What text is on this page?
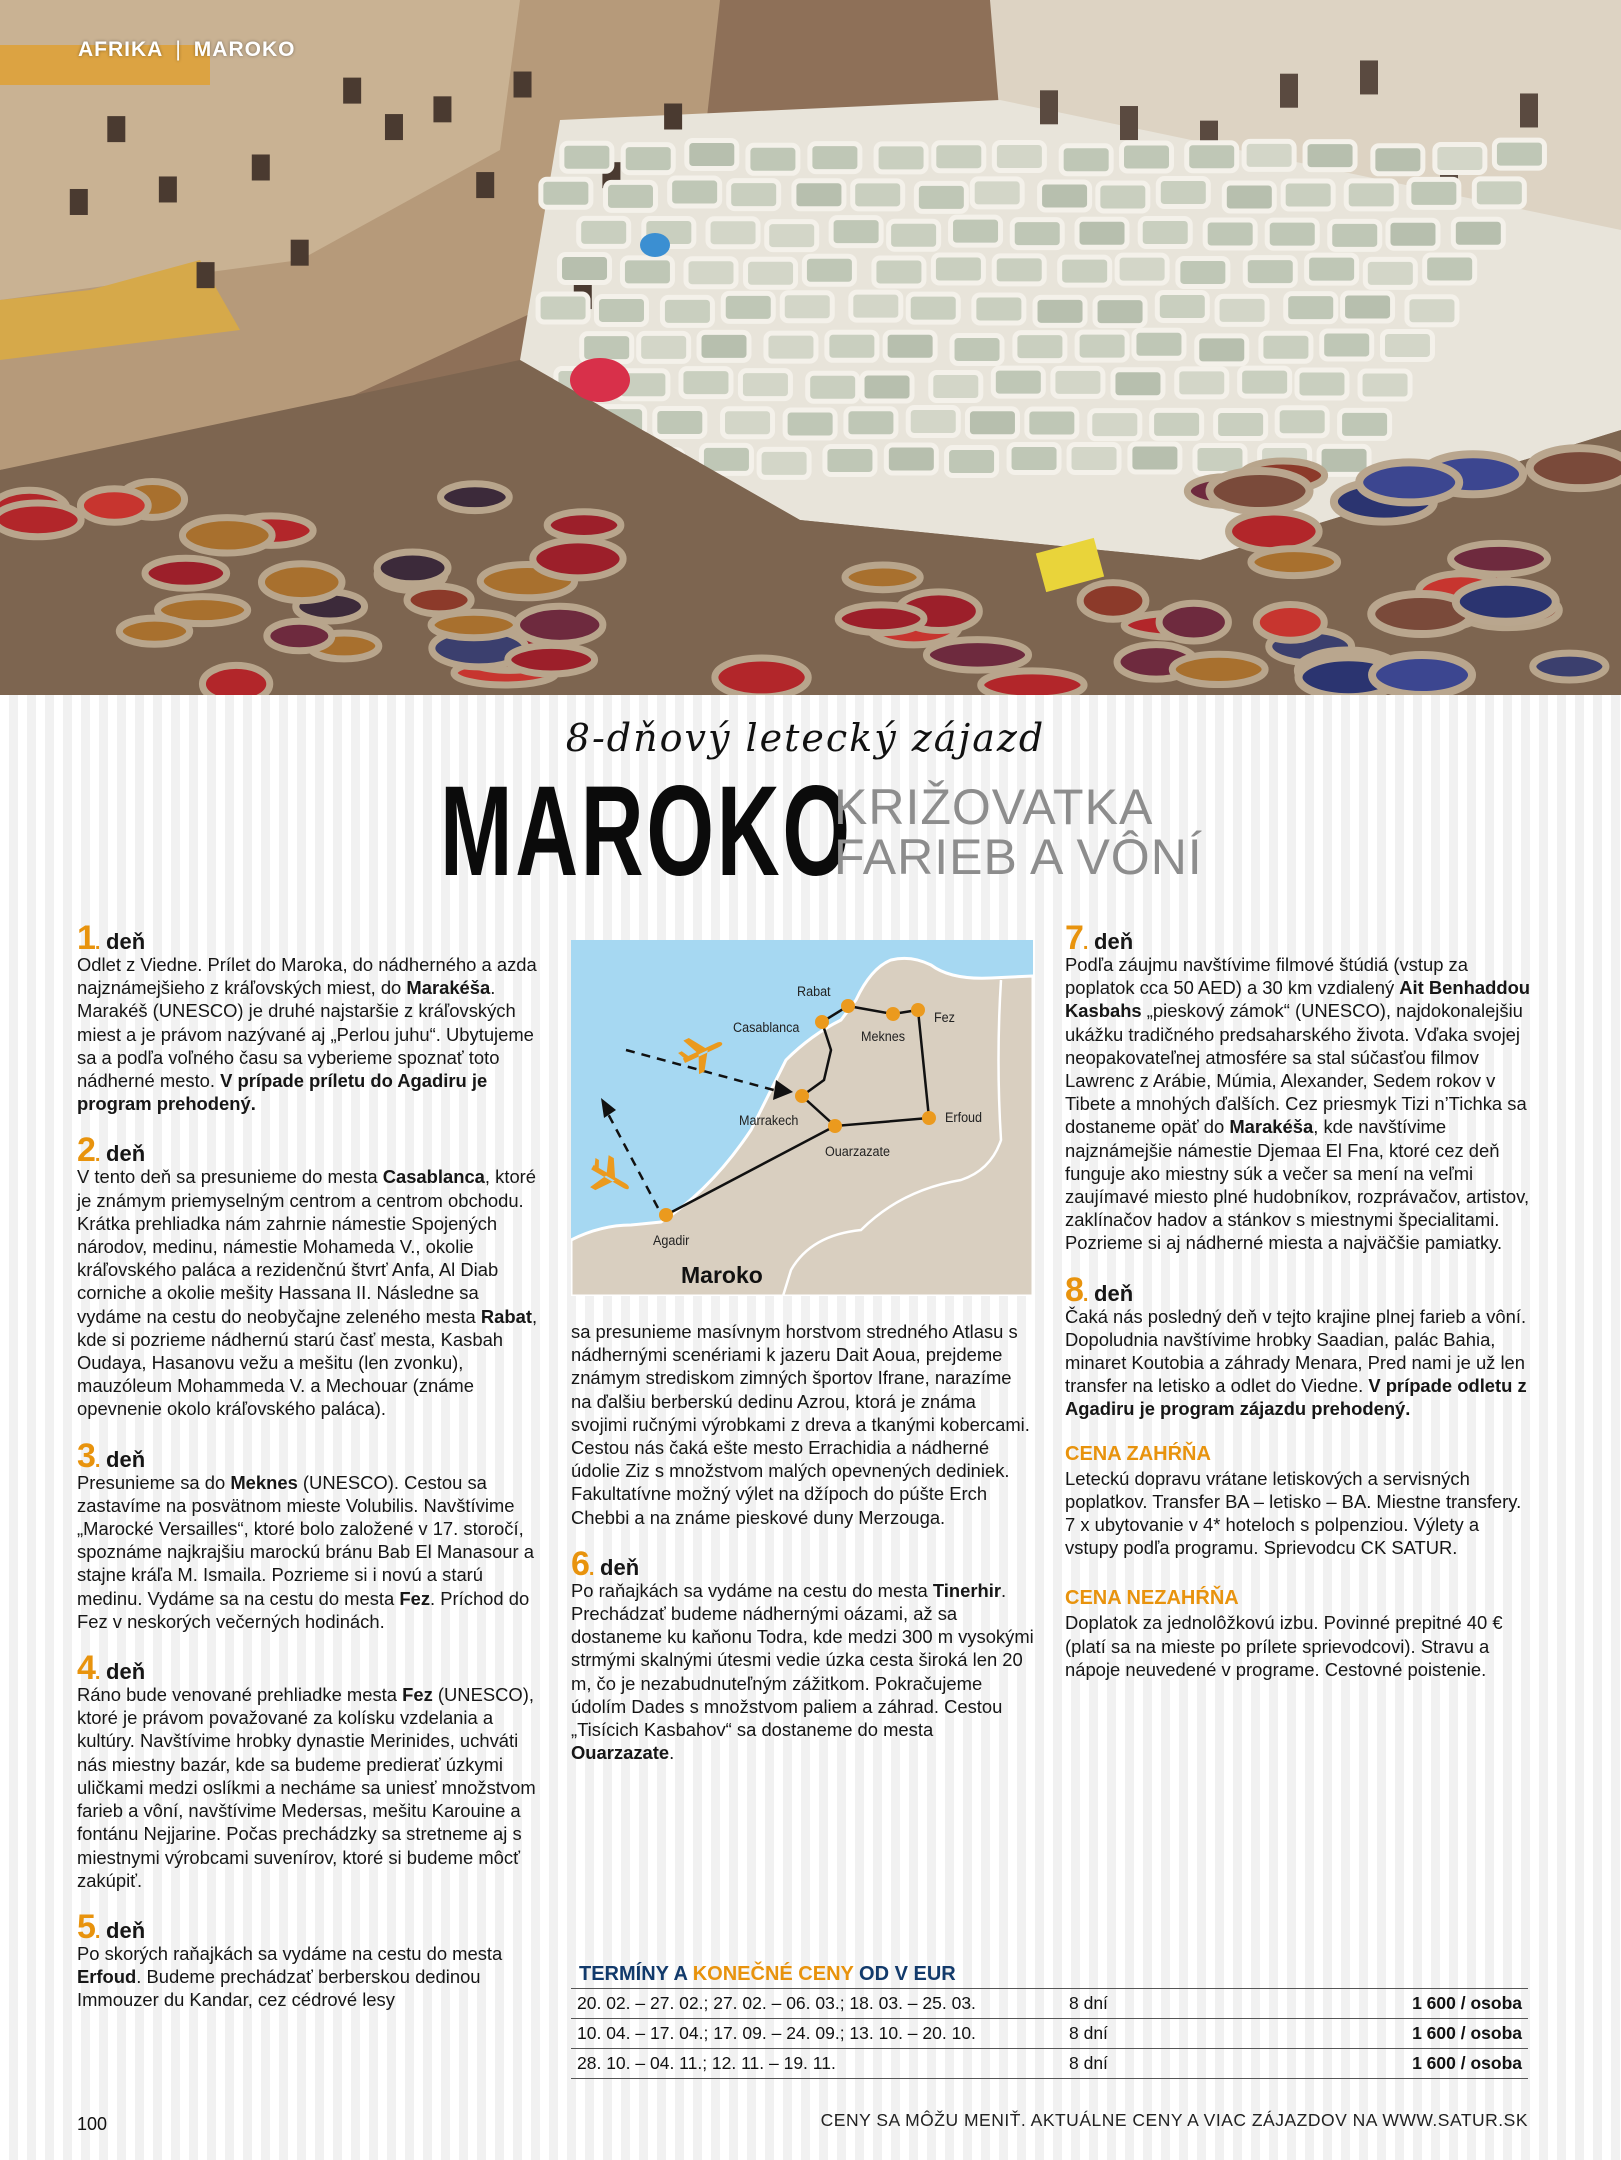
AFRIKA | MAROKO
8-dňový letecký zájazd
MAROKO
KRIŽOVATKA
FARIEB A VÔNÍ
1. deň
Odlet z Viedne. Prílet do Maroka, do nádherného a azda najznámejšieho z kráľovských miest, do Marakéša. Marakéš (UNESCO) je druhé najstaršie z kráľovských miest a je právom nazývané aj „Perlou juhu“. Ubytujeme sa a podľa voľného času sa vyberieme spoznať toto nádherné mesto. V prípade príletu do Agadiru je program prehodený.
2. deň
V tento deň sa presunieme do mesta Casablanca, ktoré je známym priemyselným centrom a centrom obchodu. Krátka prehliadka nám zahrnie námestie Spojených národov, medinu, námestie Mohameda V., okolie kráľovského paláca a rezidenčnú štvrť Anfa, Al Diab corniche a okolie mešity Hassana II. Následne sa vydáme na cestu do neobyčajne zeleného mesta Rabat, kde si pozrieme nádhernú starú časť mesta, Kasbah Oudaya, Hasanovu vežu a mešitu (len zvonku), mauzóleum Mohammeda V. a Mechouar (známe opevnenie okolo kráľovského paláca).
3. deň
Presunieme sa do Meknes (UNESCO). Cestou sa zastavíme na posvätnom mieste Volubilis. Navštívime „Marocké Versailles“, ktoré bolo založené v 17. storočí, spoznáme najkrajšiu marockú bránu Bab El Manasour a stajne kráľa M. Ismaila. Pozrieme si i novú a starú medinu. Vydáme sa na cestu do mesta Fez. Príchod do Fez v neskorých večerných hodinách.
4. deň
Ráno bude venované prehliadke mesta Fez (UNESCO), ktoré je právom považované za kolísku vzdelania a kultúry. Navštívime hrobky dynastie Merinides, uchváti nás miestny bazár, kde sa budeme predierať úzkymi uličkami medzi oslíkmi a necháme sa uniesť množstvom farieb a vôní, navštívime Medersas, mešitu Karouine a fontánu Nejjarine. Počas prechádzky sa stretneme aj s miestnymi výrobcami suvenírov, ktoré si budeme môcť zakúpiť.
5. deň
Po skorých raňajkách sa vydáme na cestu do mesta Erfoud. Budeme prechádzať berberskou dedinou Immouzer du Kandar, cez cédrové lesy
sa presunieme masívnym horstvom stredného Atlasu s nádhernými scenériami k jazeru Dait Aoua, prejdeme známym strediskom zimných športov Ifrane, narazíme na ďalšiu berberskú dedinu Azrou, ktorá je známa svojimi ručnými výrobkami z dreva a tkanými kobercami. Cestou nás čaká ešte mesto Errachidia a nádherné údolie Ziz s množstvom malých opevnených dediniek. Fakultatívne možný výlet na džípoch do púšte Erch Chebbi a na známe pieskové duny Merzouga.
6. deň
Po raňajkách sa vydáme na cestu do mesta Tinerhir. Prechádzať budeme nádhernými oázami, až sa dostaneme ku kaňonu Todra, kde medzi 300 m vysokými strmými skalnými útesmi vedie úzka cesta široká len 20 m, čo je nezabudnuteľným zážitkom. Pokračujeme údolím Dades s množstvom paliem a záhrad. Cestou „Tisícich Kasbahov“ sa dostaneme do mesta Ouarzazate.
7. deň
Podľa záujmu navštívime filmové štúdiá (vstup za poplatok cca 50 AED) a 30 km vzdialený Ait Benhaddou Kasbahs „pieskový zámok“ (UNESCO), najdokonalejšiu ukážku tradičného predsaharského života. Vďaka svojej neopakovateľnej atmosfére sa stal súčasťou filmov Lawrenc z Arábie, Múmia, Alexander, Sedem rokov v Tibete a mnohých ďalších. Cez priesmyk Tizi n’Tichka sa dostaneme opäť do Marakéša, kde navštívime najznámejšie námestie Djemaa El Fna, ktoré cez deň funguje ako miestny súk a večer sa mení na veľmi zaujímavé miesto plné hudobníkov, rozprávačov, artistov, zaklínačov hadov a stánkov s miestnymi špecialitami. Pozrieme si aj nádherné miesta a najväčšie pamiatky.
8. deň
Čaká nás posledný deň v tejto krajine plnej farieb a vôní. Dopoludnia navštívime hrobky Saadian, palác Bahia, minaret Koutobia a záhrady Menara, Pred nami je už len transfer na letisko a odlet do Viedne. V prípade odletu z Agadiru je program zájazdu prehodený.
CENA ZAHŔŇA
Leteckú dopravu vrátane letiskových a servisných poplatkov. Transfer BA – letisko – BA. Miestne transfery. 7 x ubytovanie v 4* hoteloch s polpenziou. Výlety a vstupy podľa programu. Sprievodcu CK SATUR.
CENA NEZAHŔŇA
Doplatok za jednolôžkovú izbu. Povinné prepitné 40 € (platí sa na mieste po prílete sprievodcovi). Stravu a nápoje neuvedené v programe. Cestovné poistenie.
Rabat
Casablanca
Meknes
Fez
Marrakech	Erfoud
Ouarzazate
Agadir
Maroko
TERMÍNY A KONEČNÉ CENY OD V EUR
20. 02. – 27. 02.; 27. 02. – 06. 03.; 18. 03. – 25. 03.	8 dní	1 600 / osoba
10. 04. – 17. 04.; 17. 09. – 24. 09.; 13. 10. – 20. 10.	8 dní	1 600 / osoba
28. 10. – 04. 11.; 12. 11. – 19. 11.	8 dní	1 600 / osoba
100	CENY SA MÔŽU MENIŤ. AKTUÁLNE CENY A VIAC ZÁJAZDOV NA WWW.SATUR.SK
